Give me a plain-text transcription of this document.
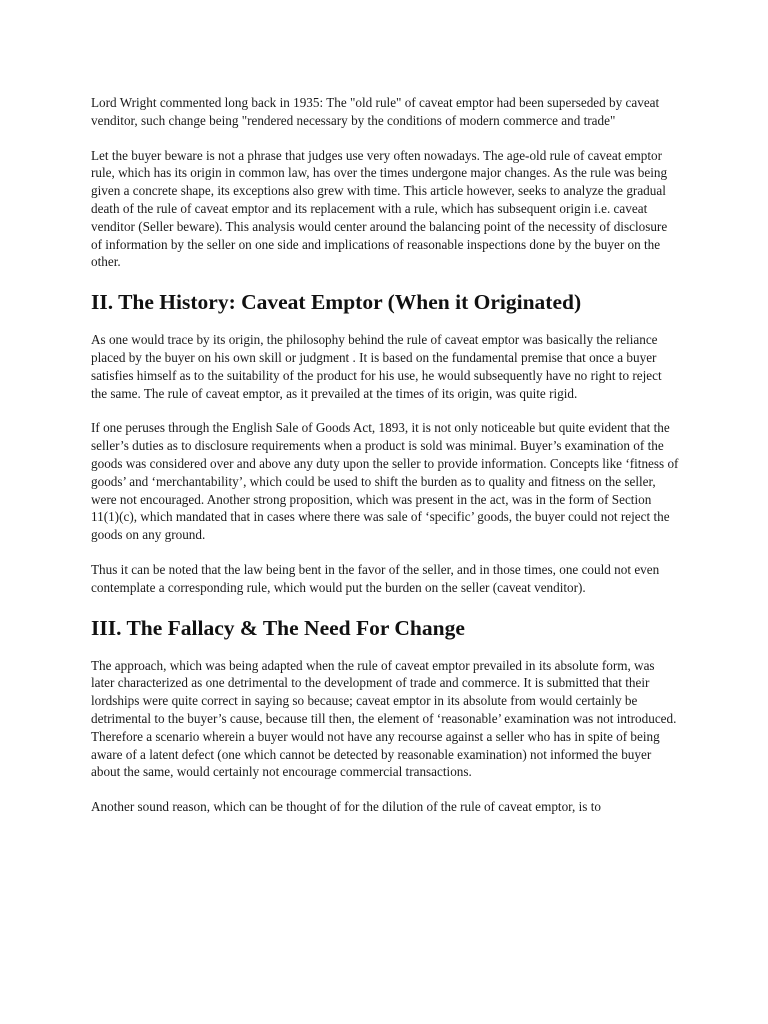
Lord Wright commented long back in 1935: The "old rule" of caveat emptor had been superseded by caveat venditor, such change being "rendered necessary by the conditions of modern commerce and trade"

Let the buyer beware is not a phrase that judges use very often nowadays. The age-old rule of caveat emptor rule, which has its origin in common law, has over the times undergone major changes. As the rule was being given a concrete shape, its exceptions also grew with time. This article however, seeks to analyze the gradual death of the rule of caveat emptor and its replacement with a rule, which has subsequent origin i.e. caveat venditor (Seller beware). This analysis would center around the balancing point of the necessity of disclosure of information by the seller on one side and implications of reasonable inspections done by the buyer on the other.

II. The History: Caveat Emptor (When it Originated)

As one would trace by its origin, the philosophy behind the rule of caveat emptor was basically the reliance placed by the buyer on his own skill or judgment . It is based on the fundamental premise that once a buyer satisfies himself as to the suitability of the product for his use, he would subsequently have no right to reject the same. The rule of caveat emptor, as it prevailed at the times of its origin, was quite rigid.

If one peruses through the English Sale of Goods Act, 1893, it is not only noticeable but quite evident that the seller’s duties as to disclosure requirements when a product is sold was minimal. Buyer’s examination of the goods was considered over and above any duty upon the seller to provide information. Concepts like ‘fitness of goods’ and ‘merchantability’, which could be used to shift the burden as to quality and fitness on the seller, were not encouraged. Another strong proposition, which was present in the act, was in the form of Section 11(1)(c), which mandated that in cases where there was sale of ‘specific’ goods, the buyer could not reject the goods on any ground.

Thus it can be noted that the law being bent in the favor of the seller, and in those times, one could not even contemplate a corresponding rule, which would put the burden on the seller (caveat venditor).

III. The Fallacy & The Need For Change

The approach, which was being adapted when the rule of caveat emptor prevailed in its absolute form, was later characterized as one detrimental to the development of trade and commerce. It is submitted that their lordships were quite correct in saying so because; caveat emptor in its absolute from would certainly be detrimental to the buyer’s cause, because till then, the element of ‘reasonable’ examination was not introduced. Therefore a scenario wherein a buyer would not have any recourse against a seller who has in spite of being aware of a latent defect (one which cannot be detected by reasonable examination) not informed the buyer about the same, would certainly not encourage commercial transactions.

Another sound reason, which can be thought of for the dilution of the rule of caveat emptor, is to
